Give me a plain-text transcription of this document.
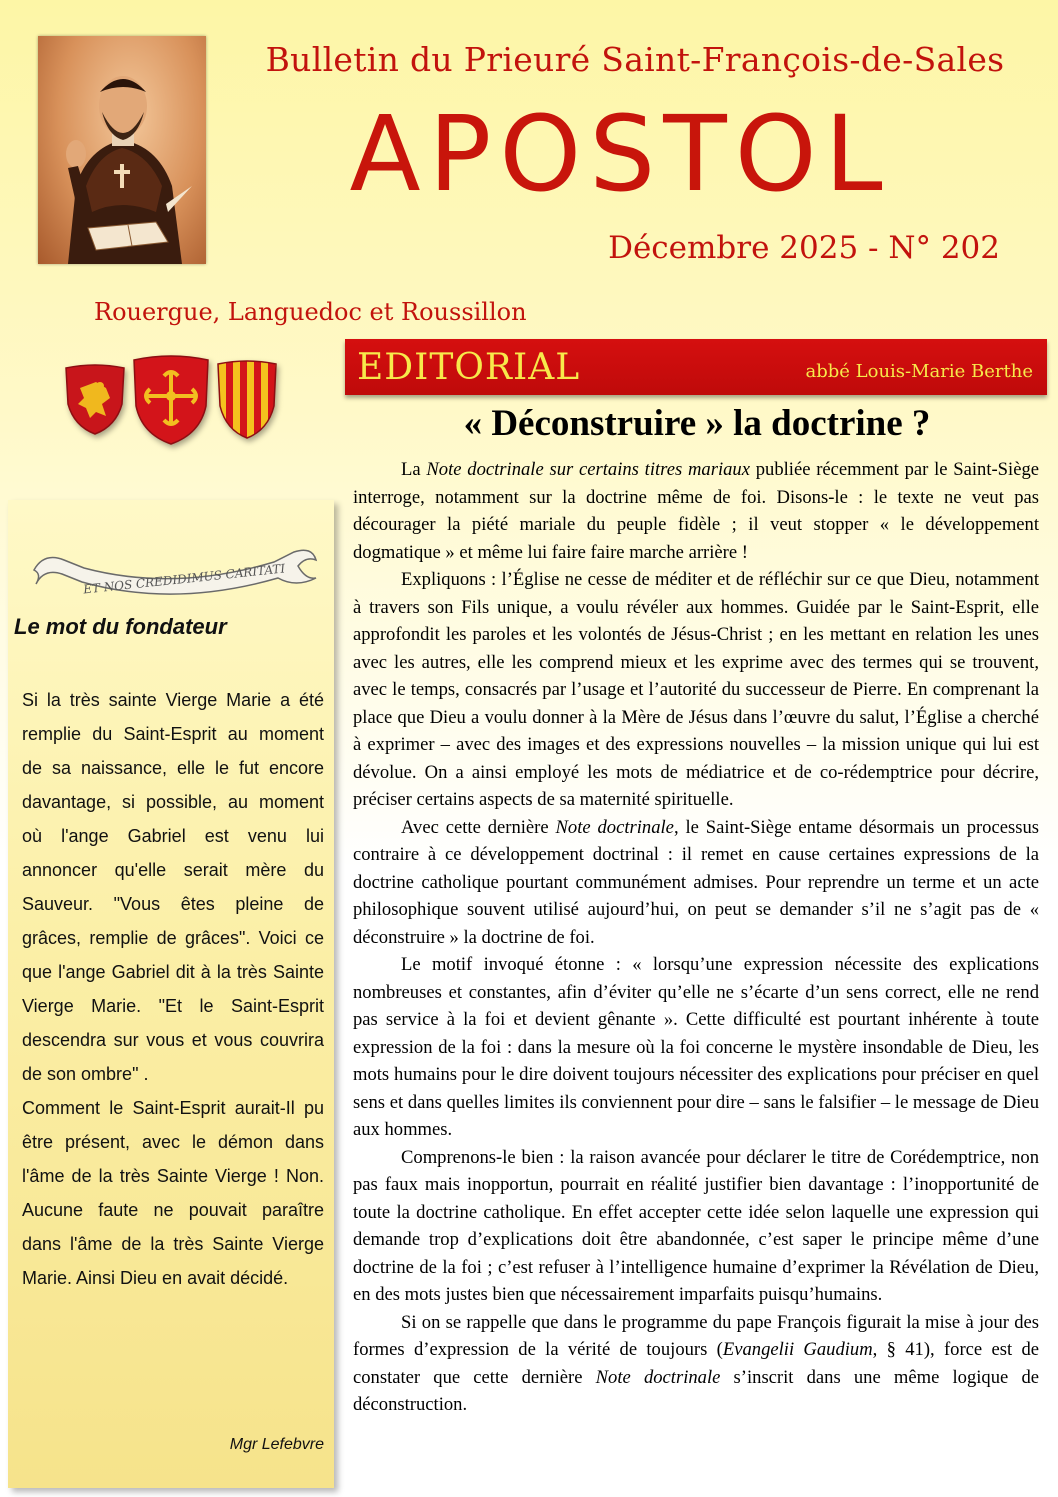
Bulletin du Prieuré Saint-François-de-Sales
APOSTOL
Décembre 2025 - N° 202
Rouergue, Languedoc et Roussillon
ET NOS CREDIDIMUS CARITATI
Le mot du fondateur
Si la très sainte Vierge Marie a été remplie du Saint-Esprit au moment de sa naissance, elle le fut encore davantage, si possible, au moment où l'ange Gabriel est venu lui annoncer qu'elle serait mère du Sauveur. "Vous êtes pleine de grâces, remplie de grâces". Voici ce que l'ange Gabriel dit à la très Sainte Vierge Marie. "Et le Saint-Esprit descendra sur vous et vous couvrira de son ombre" .
Comment le Saint-Esprit aurait-Il pu être présent, avec le démon dans l'âme de la très Sainte Vierge ! Non. Aucune faute ne pouvait paraître dans l'âme de la très Sainte Vierge Marie. Ainsi Dieu en avait décidé.
Mgr Lefebvre
EDITORIAL	abbé Louis-Marie Berthe
« Déconstruire » la doctrine ?

La Note doctrinale sur certains titres mariaux publiée récemment par le Saint-Siège interroge, notamment sur la doctrine même de foi. Disons-le : le texte ne veut pas décourager la piété mariale du peuple fidèle ; il veut stopper « le développement dogmatique » et même lui faire faire marche arrière !

Expliquons : l’Église ne cesse de méditer et de réfléchir sur ce que Dieu, notamment à travers son Fils unique, a voulu révéler aux hommes. Guidée par le Saint-Esprit, elle approfondit les paroles et les volontés de Jésus-Christ ; en les mettant en relation les unes avec les autres, elle les comprend mieux et les exprime avec des termes qui se trouvent, avec le temps, consacrés par l’usage et l’autorité du successeur de Pierre. En comprenant la place que Dieu a voulu donner à la Mère de Jésus dans l’œuvre du salut, l’Église a cherché à exprimer – avec des images et des expressions nouvelles – la mission unique qui lui est dévolue. On a ainsi employé les mots de médiatrice et de co-rédemptrice pour décrire, préciser certains aspects de sa maternité spirituelle.

Avec cette dernière Note doctrinale, le Saint-Siège entame désormais un processus contraire à ce développement doctrinal : il remet en cause certaines expressions de la doctrine catholique pourtant communément admises. Pour reprendre un terme et un acte philosophique souvent utilisé aujourd’hui, on peut se demander s’il ne s’agit pas de « déconstruire » la doctrine de foi.

Le motif invoqué étonne : « lorsqu’une expression nécessite des explications nombreuses et constantes, afin d’éviter qu’elle ne s’écarte d’un sens correct, elle ne rend pas service à la foi et devient gênante ». Cette difficulté est pourtant inhérente à toute expression de la foi : dans la mesure où la foi concerne le mystère insondable de Dieu, les mots humains pour le dire doivent toujours nécessiter des explications pour préciser en quel sens et dans quelles limites ils conviennent pour dire – sans le falsifier – le message de Dieu aux hommes.

Comprenons-le bien : la raison avancée pour déclarer le titre de Corédemptrice, non pas faux mais inopportun, pourrait en réalité justifier bien davantage : l’inopportunité de toute la doctrine catholique. En effet accepter cette idée selon laquelle une expression qui demande trop d’explications doit être abandonnée, c’est saper le principe même d’une doctrine de la foi ; c’est refuser à l’intelligence humaine d’exprimer la Révélation de Dieu, en des mots justes bien que nécessairement imparfaits puisqu’humains.

Si on se rappelle que dans le programme du pape François figurait la mise à jour des formes d’expression de la vérité de toujours (Evangelii Gaudium, § 41), force est de constater que cette dernière Note doctrinale s’inscrit dans une même logique de déconstruction.
